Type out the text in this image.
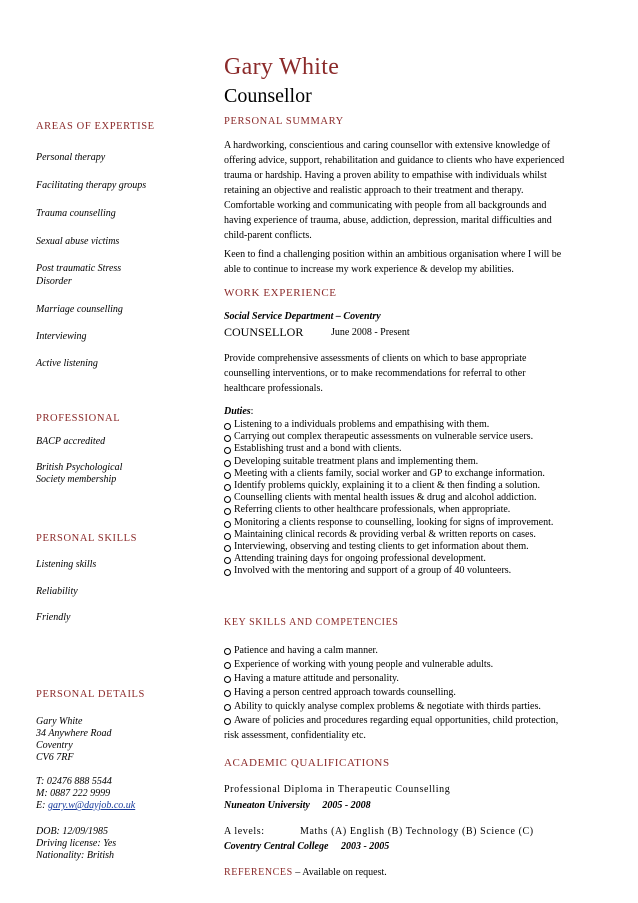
Gary White
Counsellor
AREAS OF EXPERTISE
Personal therapy
Facilitating therapy groups
Trauma counselling
Sexual abuse victims
Post traumatic Stress
Disorder
Marriage counselling
Interviewing
Active listening
PROFESSIONAL
BACP accredited
British Psychological
Society membership
PERSONAL SKILLS
Listening skills
Reliability
Friendly
PERSONAL DETAILS
Gary White
34 Anywhere Road
Coventry
CV6 7RF
T: 02476 888 5544
M: 0887 222 9999
E: gary.w@dayjob.co.uk
DOB: 12/09/1985
Driving license: Yes
Nationality: British
PERSONAL SUMMARY
A hardworking, conscientious and caring counsellor with extensive knowledge of
offering advice, support, rehabilitation and guidance to clients who have experienced
trauma or hardship. Having a proven ability to empathise with individuals whilst
retaining an objective and realistic approach to their treatment and therapy.
Comfortable working and communicating with people from all backgrounds and
having experience of trauma, abuse, addiction, depression, marital difficulties and
child-parent conflicts.
Keen to find a challenging position within an ambitious organisation where I will be
able to continue to increase my work experience & develop my abilities.
WORK EXPERIENCE
Social Service Department – Coventry
COUNSELLOR	June 2008 - Present
Provide comprehensive assessments of clients on which to base appropriate
counselling interventions, or to make recommendations for referral to other
healthcare professionals.
Duties:
Listening to a individuals problems and empathising with them.
Carrying out complex therapeutic assessments on vulnerable service users.
Establishing trust and a bond with clients.
Developing suitable treatment plans and implementing them.
Meeting with a clients family, social worker and GP to exchange information.
Identify problems quickly, explaining it to a client & then finding a solution.
Counselling clients with mental health issues & drug and alcohol addiction.
Referring clients to other healthcare professionals, when appropriate.
Monitoring a clients response to counselling, looking for signs of improvement.
Maintaining clinical records & providing verbal & written reports on cases.
Interviewing, observing and testing clients to get information about them.
Attending training days for ongoing professional development.
Involved with the mentoring and support of a group of 40 volunteers.
KEY SKILLS AND COMPETENCIES
Patience and having a calm manner.
Experience of working with young people and vulnerable adults.
Having a mature attitude and personality.
Having a person centred approach towards counselling.
Ability to quickly analyse complex problems & negotiate with thirds parties.
Aware of policies and procedures regarding equal opportunities, child protection,
risk assessment, confidentiality etc.
ACADEMIC QUALIFICATIONS
Professional Diploma in Therapeutic Counselling
Nuneaton University     2005 - 2008
A levels:	Maths (A) English (B) Technology (B) Science (C)
Coventry Central College     2003 - 2005
REFERENCES – Available on request.
